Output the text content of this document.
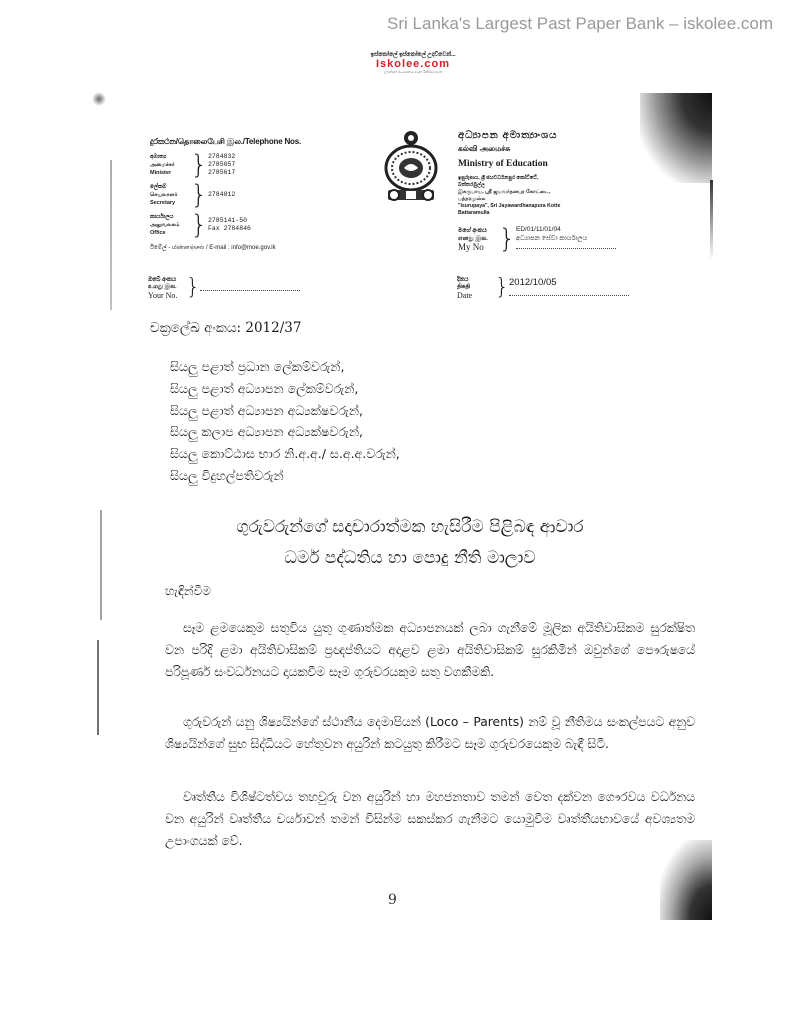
Sri Lanka's Largest Past Paper Bank – iskolee.com
ඉස්කෝලේ ඉස්කෝලේ උදව්වෙන්...
Iskolee.com
ලබන්නේ අධ්‍යාපනය වෙන මිනිස්සු වෙත
දුරකථන/தொலைபேசி இல./Telephone Nos.
අමාත්‍ය
அமைச்சர்
Minister } 2784832
2785057
2785617
ලේකම්
செயலாளர்
Secretary } 2784812
කාර්යාලය
அலுவலகம்
Office } 2785141-50
Fax 2784846
ඊමේල් - மின்னஞ்சல் / E-mail : info@moe.gov.lk
අධ්‍යාපන අමාත්‍යාංශය
கல்வி அமைச்சு
Ministry of Education
ඉසුරුපාය, ශ්‍රී ජයවර්ධනපුර කෝට්ටේ,
බත්තරමුල්ල
இசுருபாய, ஸ்ரீ ஜயவர்தனபுர கோட்டை,
பத்தரமுல்ல
"Isurupaya", Sri Jayawardhanapura Kotte
Battaramulla
මගේ අංකය
எனது இல.
My No } ED/01/11/01/04
අධ්‍යාපන සේවා කාර්යාලය
ඔබේ අංකය
உமது இல.
Your No. }	දිනය
திகதி
Date	} 2012/10/05
චක්‍රලේඛ අංකය: 2012/37
සියලු පළාත් ප්‍රධාන ලේකම්වරුන්,
සියලු පළාත් අධ්‍යාපන ලේකම්වරුන්,
සියලු පළාත් අධ්‍යාපන අධ්‍යක්ෂවරුන්,
සියලු කලාප අධ්‍යාපන අධ්‍යක්ෂවරුන්,
සියලු කොට්ඨාස භාර නි.අ.අ./ ස.අ.අ.වරුන්,
සියලු විදුහල්පතිවරුන්
ගුරුවරුන්ගේ සදාචාරාත්මක හැසිරීම පිළිබඳ ආචාර
ධර්ම පද්ධතිය හා පොදු නීති මාලාව
හැඳින්වීම
සෑම ළමයෙකුම සතුවිය යුතු ගුණාත්මක අධ්‍යාපනයක් ලබා ගැනීමේ මූලික අයිතිවාසිකම සුරක්ෂිත වන පරිදි ළමා අයිතිවාසිකම් ප්‍රඥප්තියට අදාළව ළමා අයිතිවාසිකම් සුරකිමින් ඔවුන්ගේ පෞරුෂයේ පරිපූර්ණ සංවර්ධනයට දායකවීම සෑම ගුරුවරයකුම සතු වගකීමකි.
ගුරුවරුන් යනු ශිෂ්‍යයින්ගේ ස්ථානීය දෙමාපියන් (Loco – Parents) නම් වූ නීතිමය සංකල්පයට අනුව ශිෂ්‍යයින්ගේ සුභ සිද්ධියට හේතුවන අයුරින් කටයුතු කිරීමට සෑම ගුරුවරයෙකුම බැඳී සිටී.
වෘත්තීය විශිෂ්ටත්වය තහවුරු වන අයුරින් හා මහජනතාව තමන් වෙත දක්වන ගෞරවය වර්ධනය වන අයුරින් වෘත්තීය චර්යාවන් තමන් විසින්ම සකස්කර ගැනීමට යොමුවීම වෘත්තීයභාවයේ අවශ්‍යතම උපාංගයක් වේ.
9
